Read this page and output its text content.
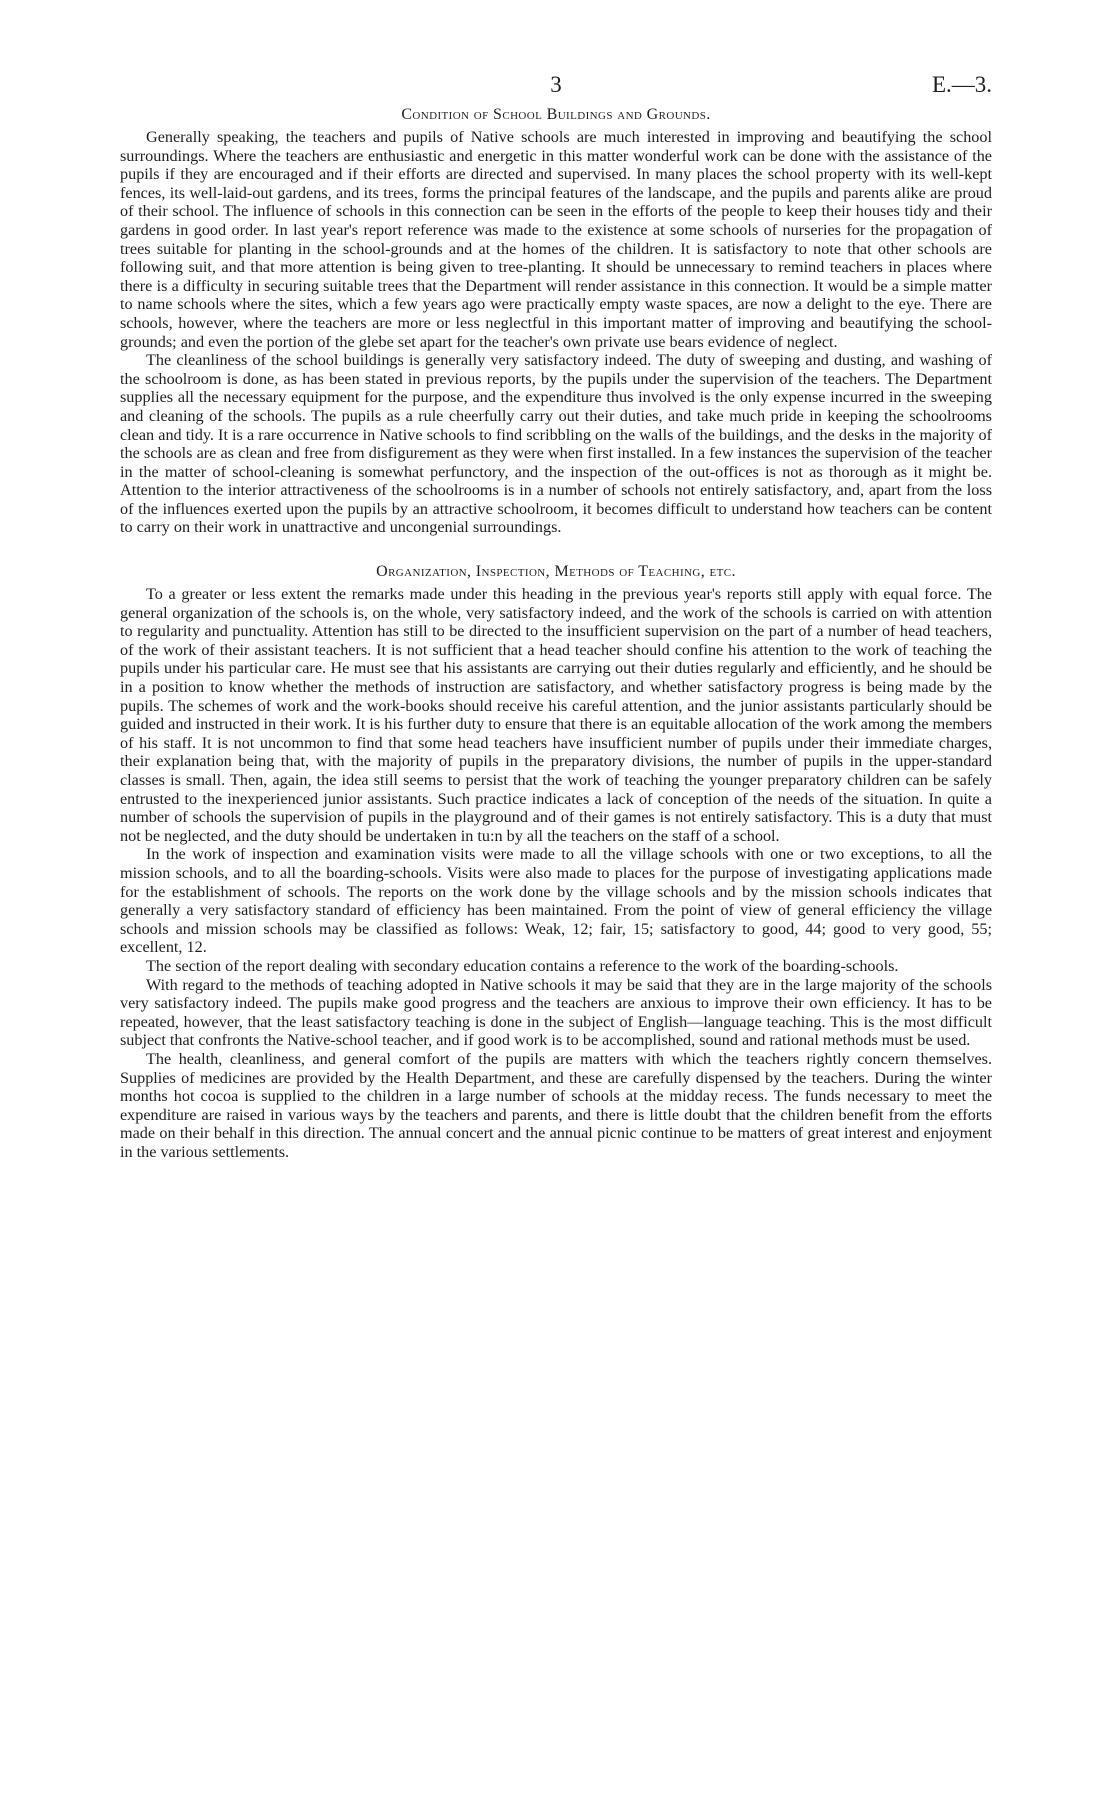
3	E.—3.
Condition of School Buildings and Grounds.

Generally speaking, the teachers and pupils of Native schools are much interested in improving and beautifying the school surroundings. Where the teachers are enthusiastic and energetic in this matter wonderful work can be done with the assistance of the pupils if they are encouraged and if their efforts are directed and supervised. In many places the school property with its well-kept fences, its well-laid-out gardens, and its trees, forms the principal features of the landscape, and the pupils and parents alike are proud of their school. The influence of schools in this connection can be seen in the efforts of the people to keep their houses tidy and their gardens in good order. In last year's report reference was made to the existence at some schools of nurseries for the propagation of trees suitable for planting in the school-grounds and at the homes of the children. It is satisfactory to note that other schools are following suit, and that more attention is being given to tree-planting. It should be unnecessary to remind teachers in places where there is a difficulty in securing suitable trees that the Department will render assistance in this connection. It would be a simple matter to name schools where the sites, which a few years ago were practically empty waste spaces, are now a delight to the eye. There are schools, however, where the teachers are more or less neglectful in this important matter of improving and beautifying the school-grounds; and even the portion of the glebe set apart for the teacher's own private use bears evidence of neglect.

The cleanliness of the school buildings is generally very satisfactory indeed. The duty of sweeping and dusting, and washing of the schoolroom is done, as has been stated in previous reports, by the pupils under the supervision of the teachers. The Department supplies all the necessary equipment for the purpose, and the expenditure thus involved is the only expense incurred in the sweeping and cleaning of the schools. The pupils as a rule cheerfully carry out their duties, and take much pride in keeping the schoolrooms clean and tidy. It is a rare occurrence in Native schools to find scribbling on the walls of the buildings, and the desks in the majority of the schools are as clean and free from disfigurement as they were when first installed. In a few instances the supervision of the teacher in the matter of school-cleaning is somewhat perfunctory, and the inspection of the out-offices is not as thorough as it might be. Attention to the interior attractiveness of the schoolrooms is in a number of schools not entirely satisfactory, and, apart from the loss of the influences exerted upon the pupils by an attractive schoolroom, it becomes difficult to understand how teachers can be content to carry on their work in unattractive and uncongenial surroundings.

Organization, Inspection, Methods of Teaching, etc.

To a greater or less extent the remarks made under this heading in the previous year's reports still apply with equal force. The general organization of the schools is, on the whole, very satisfactory indeed, and the work of the schools is carried on with attention to regularity and punctuality. Attention has still to be directed to the insufficient supervision on the part of a number of head teachers, of the work of their assistant teachers. It is not sufficient that a head teacher should confine his attention to the work of teaching the pupils under his particular care. He must see that his assistants are carrying out their duties regularly and efficiently, and he should be in a position to know whether the methods of instruction are satisfactory, and whether satisfactory progress is being made by the pupils. The schemes of work and the work-books should receive his careful attention, and the junior assistants particularly should be guided and instructed in their work. It is his further duty to ensure that there is an equitable allocation of the work among the members of his staff. It is not uncommon to find that some head teachers have insufficient number of pupils under their immediate charges, their explanation being that, with the majority of pupils in the preparatory divisions, the number of pupils in the upper-standard classes is small. Then, again, the idea still seems to persist that the work of teaching the younger preparatory children can be safely entrusted to the inexperienced junior assistants. Such practice indicates a lack of conception of the needs of the situation. In quite a number of schools the supervision of pupils in the playground and of their games is not entirely satisfactory. This is a duty that must not be neglected, and the duty should be undertaken in tu:n by all the teachers on the staff of a school.

In the work of inspection and examination visits were made to all the village schools with one or two exceptions, to all the mission schools, and to all the boarding-schools. Visits were also made to places for the purpose of investigating applications made for the establishment of schools. The reports on the work done by the village schools and by the mission schools indicates that generally a very satisfactory standard of efficiency has been maintained. From the point of view of general efficiency the village schools and mission schools may be classified as follows: Weak, 12; fair, 15; satisfactory to good, 44; good to very good, 55; excellent, 12.

The section of the report dealing with secondary education contains a reference to the work of the boarding-schools.

With regard to the methods of teaching adopted in Native schools it may be said that they are in the large majority of the schools very satisfactory indeed. The pupils make good progress and the teachers are anxious to improve their own efficiency. It has to be repeated, however, that the least satisfactory teaching is done in the subject of English—language teaching. This is the most difficult subject that confronts the Native-school teacher, and if good work is to be accomplished, sound and rational methods must be used.

The health, cleanliness, and general comfort of the pupils are matters with which the teachers rightly concern themselves. Supplies of medicines are provided by the Health Department, and these are carefully dispensed by the teachers. During the winter months hot cocoa is supplied to the children in a large number of schools at the midday recess. The funds necessary to meet the expenditure are raised in various ways by the teachers and parents, and there is little doubt that the children benefit from the efforts made on their behalf in this direction. The annual concert and the annual picnic continue to be matters of great interest and enjoyment in the various settlements.
